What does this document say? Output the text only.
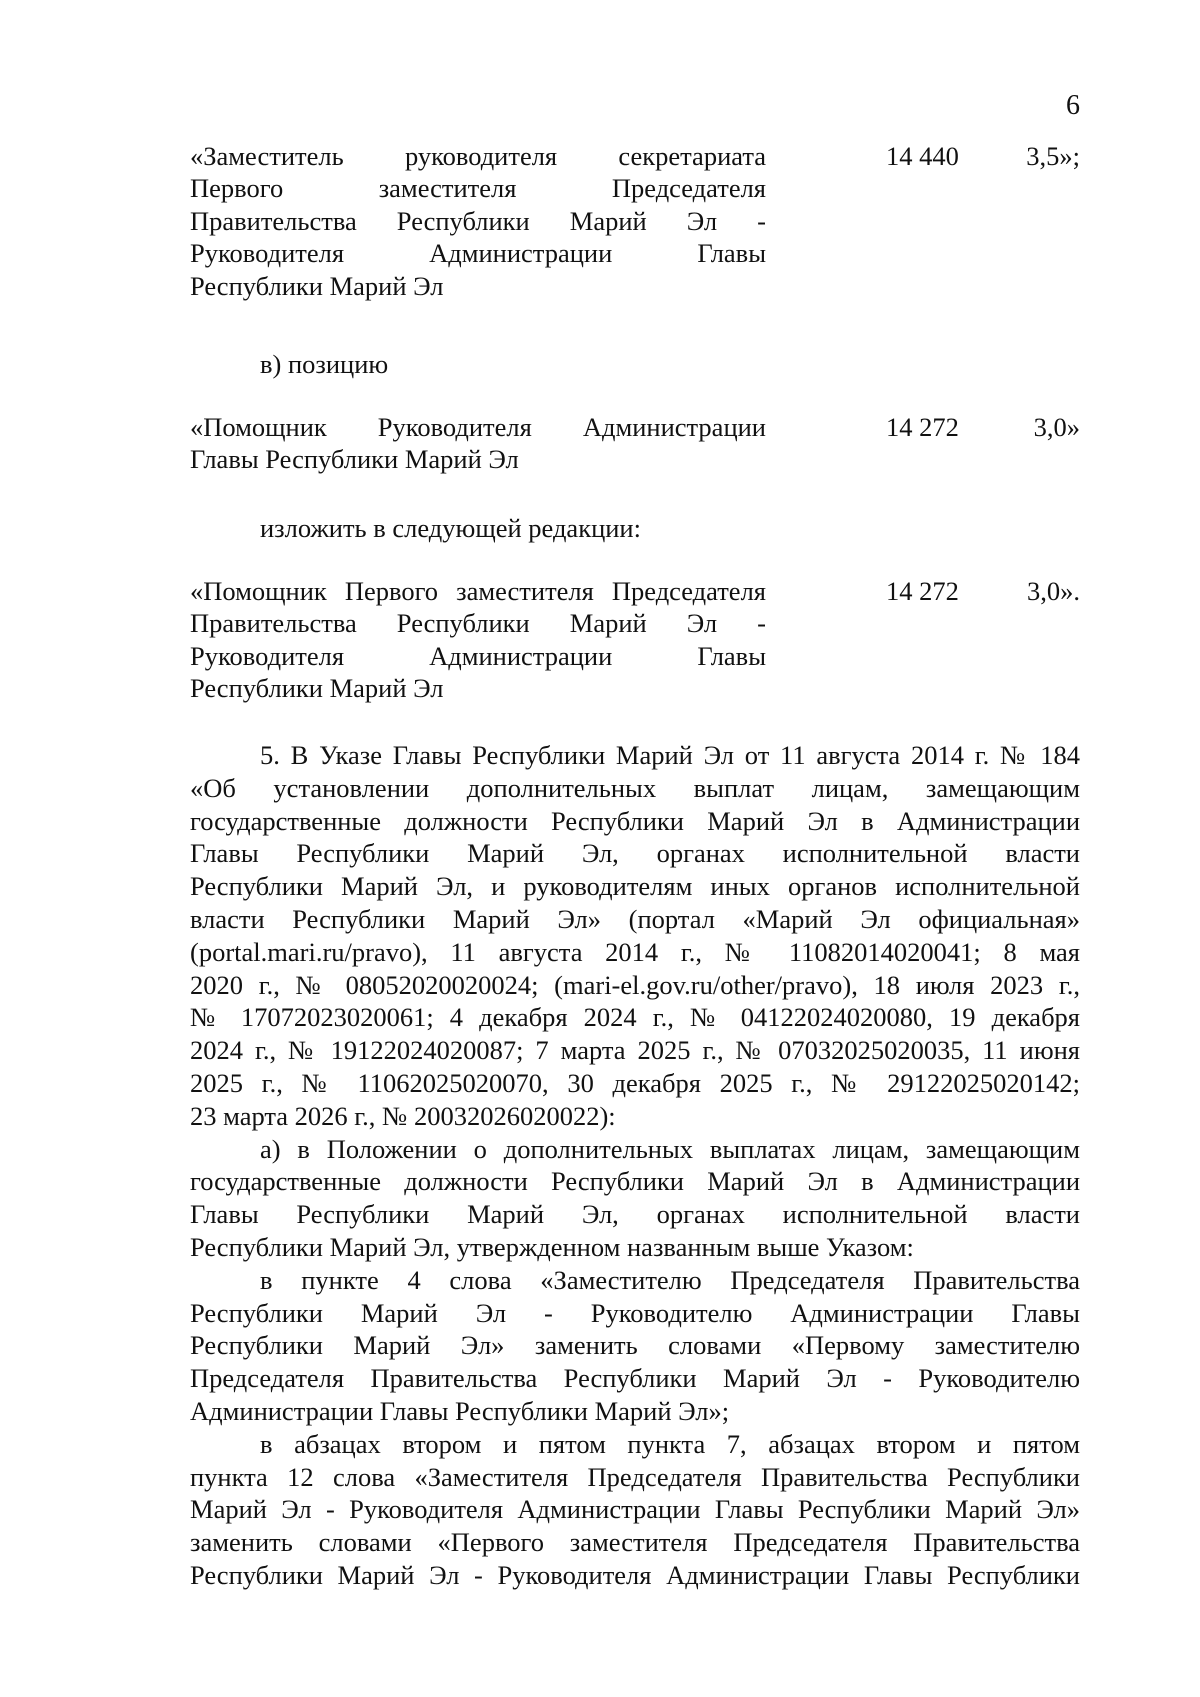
6
«Заместитель руководителя секретариата
Первого заместителя Председателя
Правительства Республики Марий Эл -
Руководителя Администрации Главы
Республики Марий Эл
14 440	3,5»;
в) позицию
«Помощник Руководителя Администрации
Главы Республики Марий Эл
14 272	3,0»
изложить в следующей редакции:
«Помощник Первого заместителя Председателя
Правительства Республики Марий Эл -
Руководителя Администрации Главы
Республики Марий Эл
14 272	3,0».
5. В Указе Главы Республики Марий Эл от 11 августа 2014 г. № 184
«Об установлении дополнительных выплат лицам, замещающим
государственные должности Республики Марий Эл в Администрации
Главы Республики Марий Эл, органах исполнительной власти
Республики Марий Эл, и руководителям иных органов исполнительной
власти Республики Марий Эл» (портал «Марий Эл официальная»
(portal.mari.ru/pravo), 11 августа 2014 г., № 11082014020041; 8 мая
2020 г., № 08052020020024; (mari-el.gov.ru/other/pravo), 18 июля 2023 г.,
№ 17072023020061; 4 декабря 2024 г., № 04122024020080, 19 декабря
2024 г., № 19122024020087; 7 марта 2025 г., № 07032025020035, 11 июня
2025 г., № 11062025020070, 30 декабря 2025 г., № 29122025020142;
23 марта 2026 г., № 20032026020022):
а) в Положении о дополнительных выплатах лицам, замещающим
государственные должности Республики Марий Эл в Администрации
Главы Республики Марий Эл, органах исполнительной власти
Республики Марий Эл, утвержденном названным выше Указом:
в пункте 4 слова «Заместителю Председателя Правительства
Республики Марий Эл - Руководителю Администрации Главы
Республики Марий Эл» заменить словами «Первому заместителю
Председателя Правительства Республики Марий Эл - Руководителю
Администрации Главы Республики Марий Эл»;
в абзацах втором и пятом пункта 7, абзацах втором и пятом
пункта 12 слова «Заместителя Председателя Правительства Республики
Марий Эл - Руководителя Администрации Главы Республики Марий Эл»
заменить словами «Первого заместителя Председателя Правительства
Республики Марий Эл - Руководителя Администрации Главы Республики
